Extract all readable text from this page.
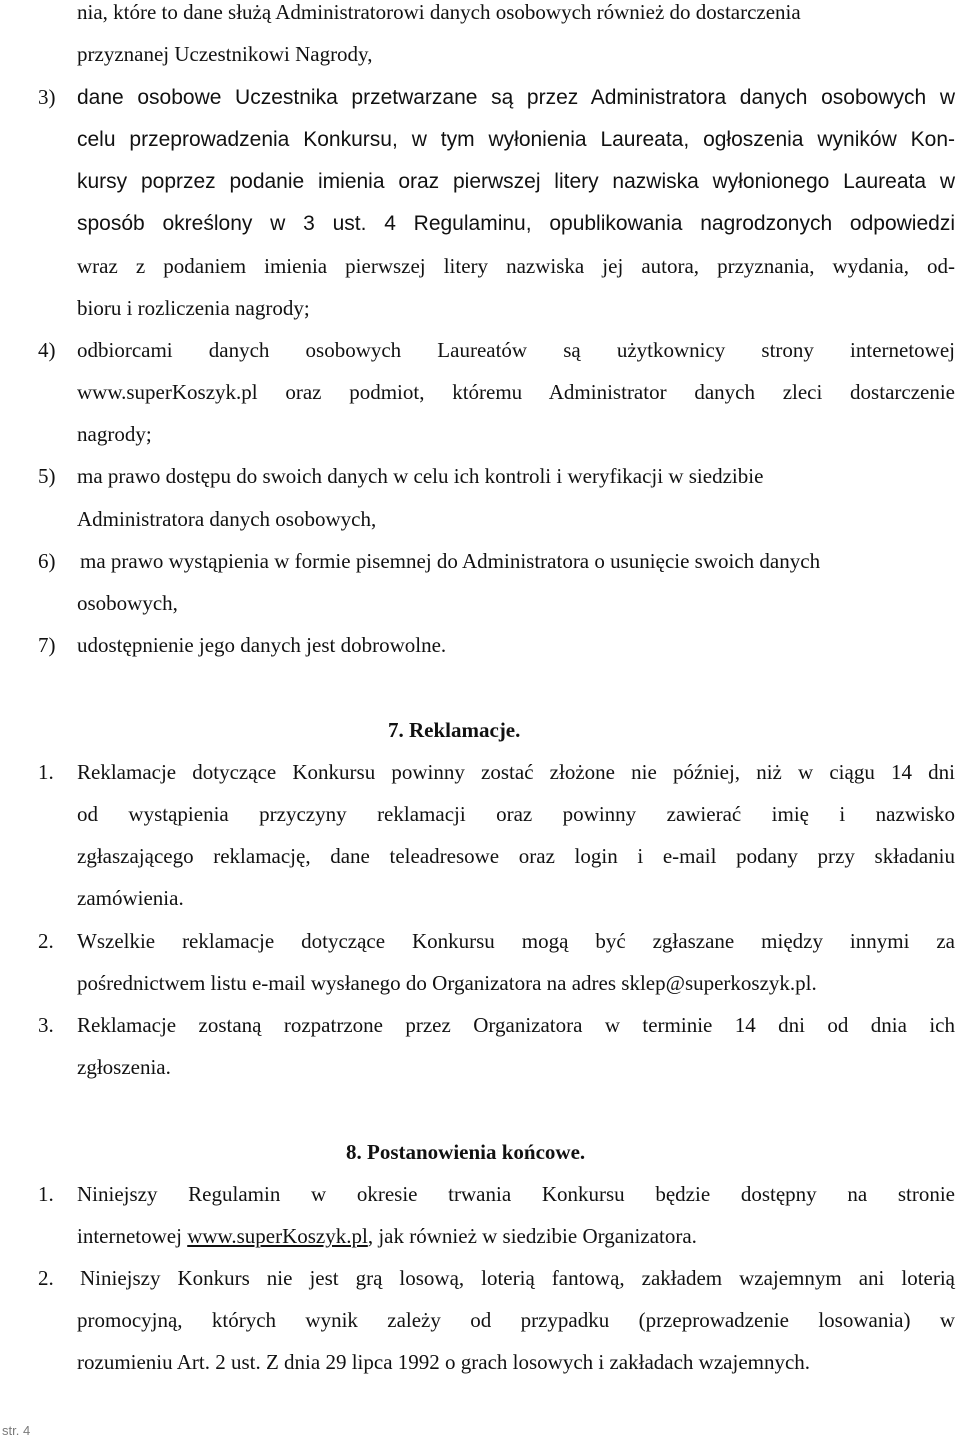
nia, które to dane służą Administratorowi danych osobowych również do dostarczenia
przyznanej Uczestnikowi Nagrody,
3) dane osobowe Uczestnika przetwarzane są przez Administratora danych osobowych w
celu przeprowadzenia Konkursu, w tym wyłonienia Laureata, ogłoszenia wyników Kon-
kursy poprzez podanie imienia oraz pierwszej litery nazwiska wyłonionego Laureata w
sposób określony w 3 ust. 4 Regulaminu, opublikowania nagrodzonych odpowiedzi
wraz z podaniem imienia pierwszej litery nazwiska jej autora, przyznania, wydania, od-
bioru i rozliczenia nagrody;
4) odbiorcami danych osobowych Laureatów są użytkownicy strony internetowej
www.superKoszyk.pl oraz podmiot, któremu Administrator danych zleci dostarczenie
nagrody;
5) ma prawo dostępu do swoich danych w celu ich kontroli i weryfikacji w siedzibie
Administratora danych osobowych,
6) ma prawo wystąpienia w formie pisemnej do Administratora o usunięcie swoich danych
osobowych,
7) udostępnienie jego danych jest dobrowolne.
7. Reklamacje.
1. Reklamacje dotyczące Konkursu powinny zostać złożone nie później, niż w ciągu 14 dni
od wystąpienia przyczyny reklamacji oraz powinny zawierać imię i nazwisko
zgłaszającego reklamację, dane teleadresowe oraz login i e-mail podany przy składaniu
zamówienia.
2. Wszelkie reklamacje dotyczące Konkursu mogą być zgłaszane między innymi za
pośrednictwem listu e-mail wysłanego do Organizatora na adres sklep@superkoszyk.pl.
3. Reklamacje zostaną rozpatrzone przez Organizatora w terminie 14 dni od dnia ich
zgłoszenia.
8. Postanowienia końcowe.
1. Niniejszy Regulamin w okresie trwania Konkursu będzie dostępny na stronie
internetowej www.superKoszyk.pl, jak również w siedzibie Organizatora.
2. Niniejszy Konkurs nie jest grą losową, loterią fantową, zakładem wzajemnym ani loterią
promocyjną, których wynik zależy od przypadku (przeprowadzenie losowania) w
rozumieniu Art. 2 ust. Z dnia 29 lipca 1992 o grach losowych i zakładach wzajemnych.
str. 4
